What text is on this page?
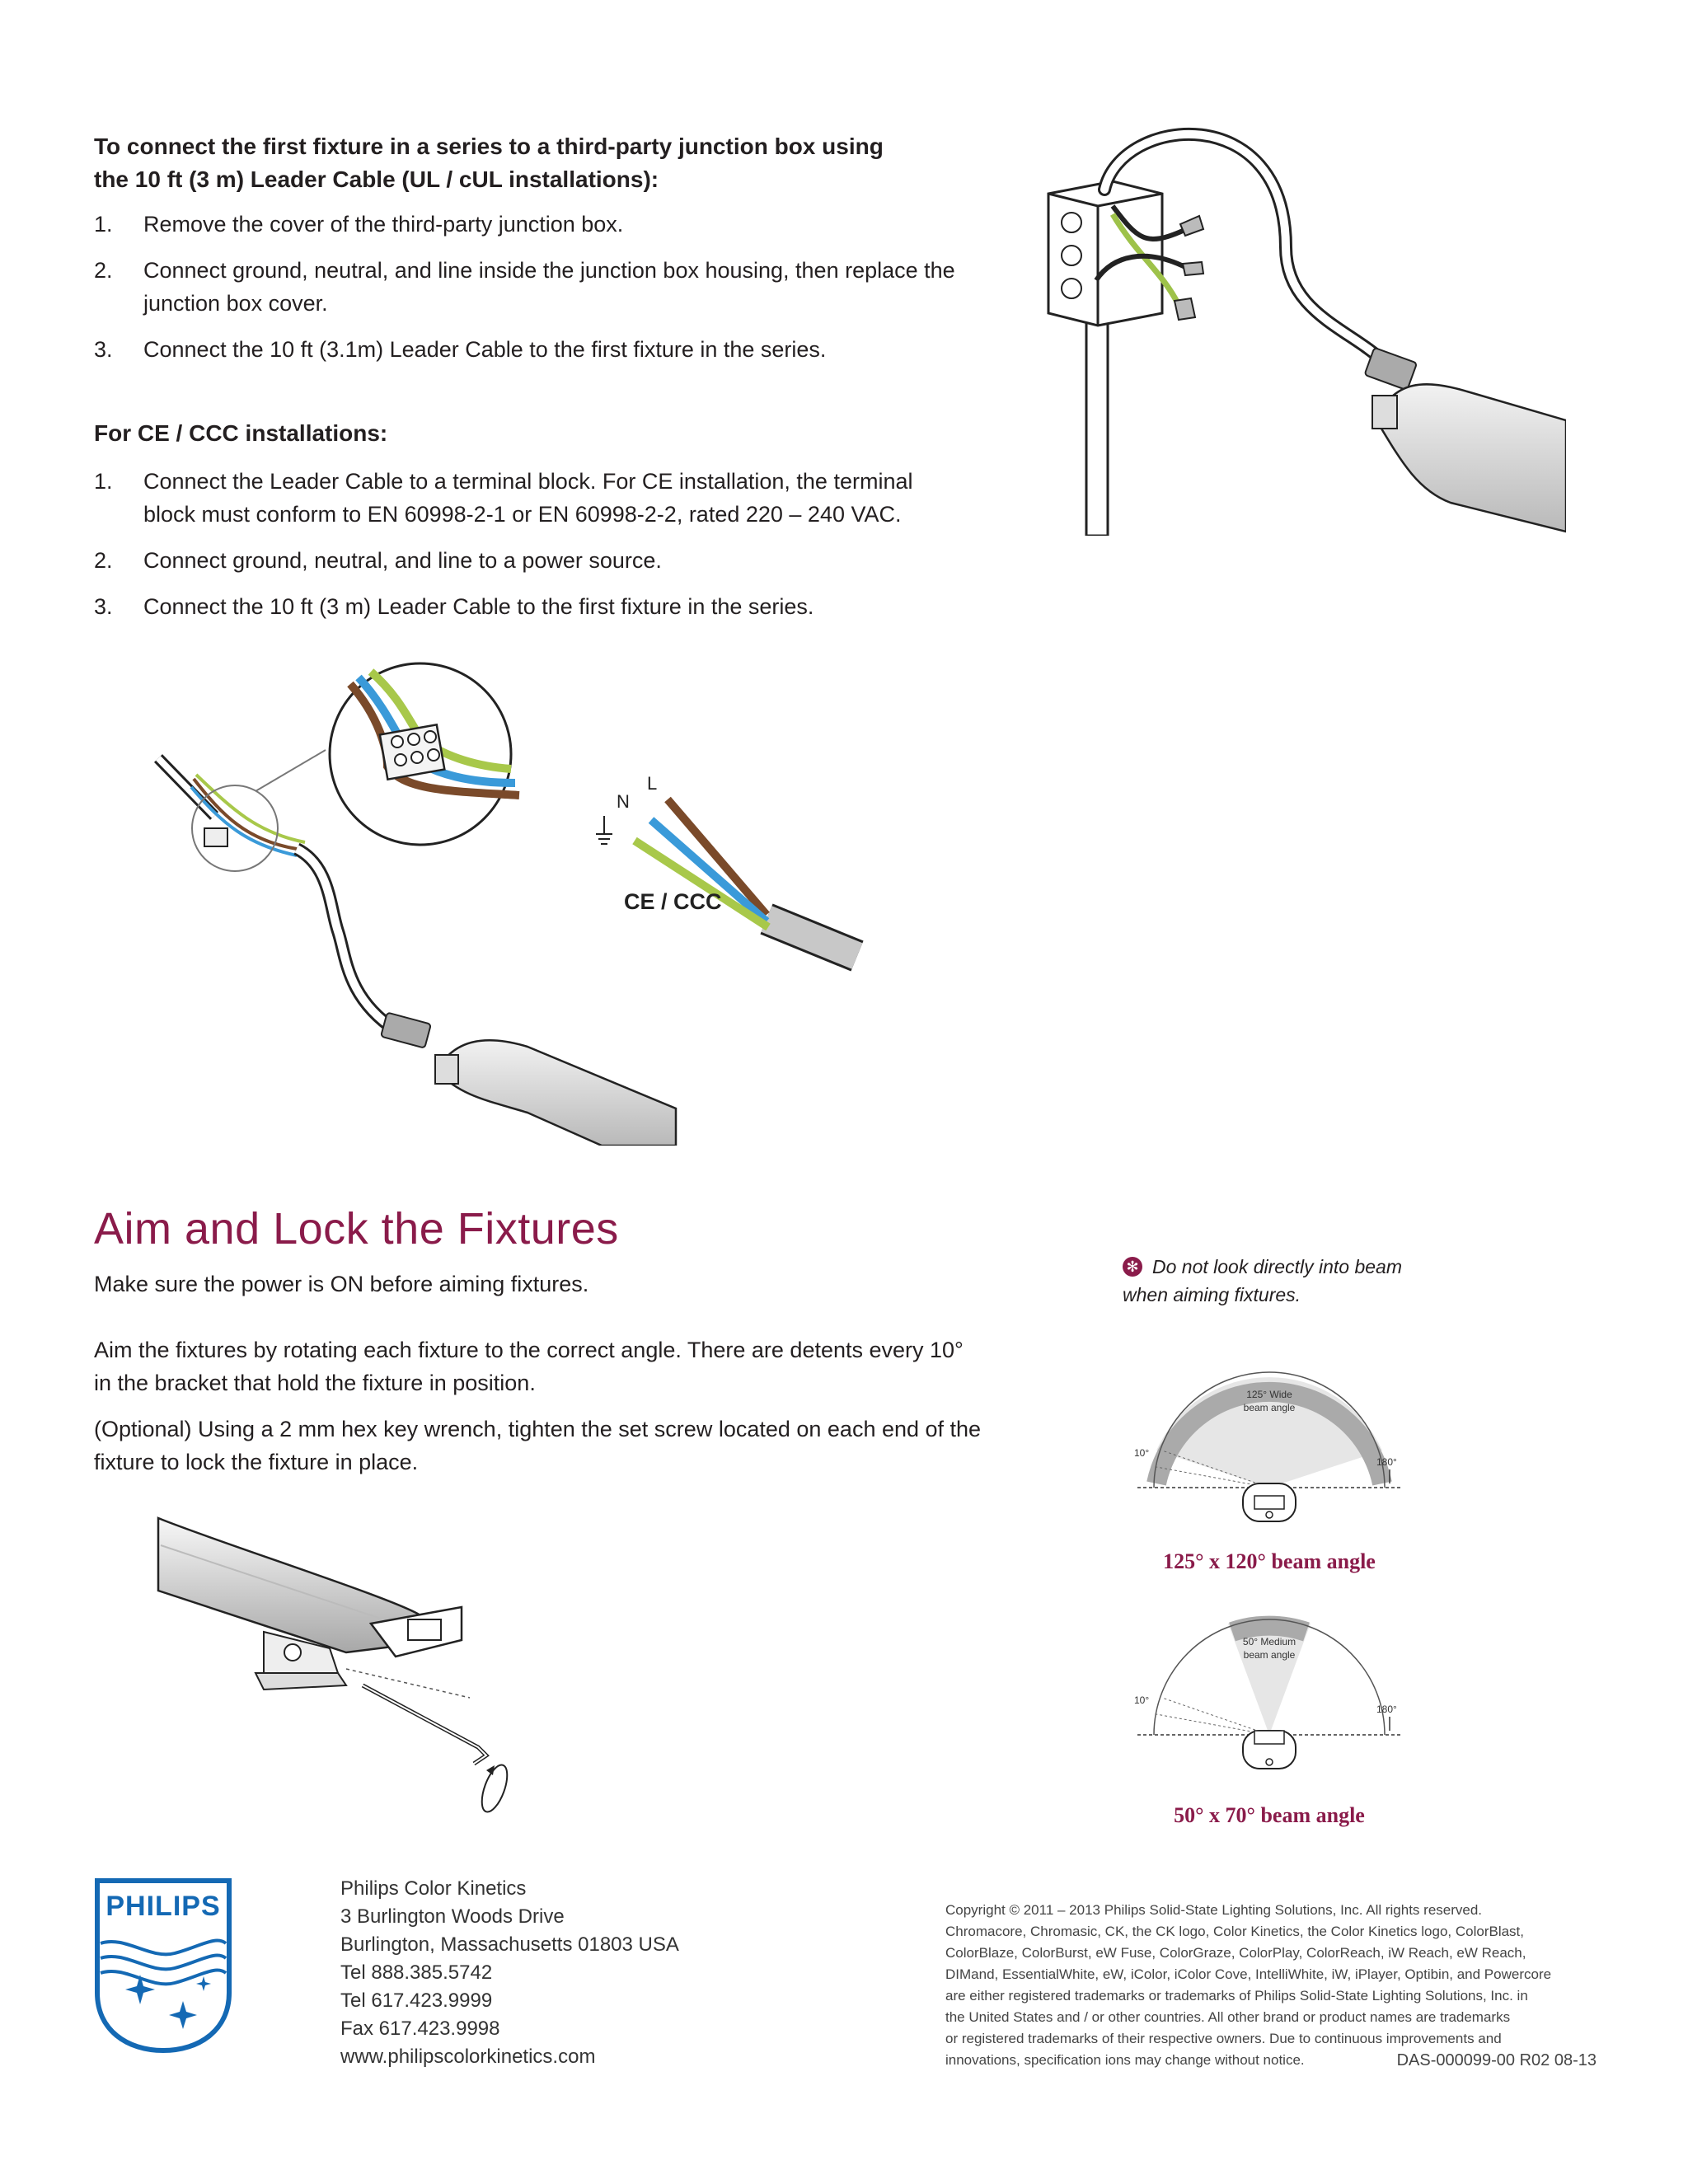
To connect the first fixture in a series to a third-party junction box using
the 10 ft (3 m) Leader Cable (UL / cUL installations):
1. Remove the cover of the third-party junction box.
2. Connect ground, neutral, and line inside the junction box housing, then replace the junction box cover.
3. Connect the 10 ft (3.1m) Leader Cable to the first fixture in the series.
For CE / CCC installations:
1. Connect the Leader Cable to a terminal block. For CE installation, the terminal block must conform to EN 60998-2-1 or EN 60998-2-2, rated 220 – 240 VAC.
2. Connect ground, neutral, and line to a power source.
3. Connect the 10 ft (3 m) Leader Cable to the first fixture in the series.
L
N
CE / CCC
Aim and Lock the Fixtures
Make sure the power is ON before aiming fixtures.
Aim the fixtures by rotating each fixture to the correct angle. There are detents every 10° in the bracket that hold the fixture in position.
(Optional) Using a 2 mm hex key wrench, tighten the set screw located on each end of the fixture to lock the fixture in place.
✻ Do not look directly into beam
when aiming fixtures.
125° Wide
beam angle
10°
180°
125° x 120° beam angle
50° Medium
beam angle
10°
180°
50° x 70° beam angle
PHILIPS
Philips Color Kinetics
3 Burlington Woods Drive
Burlington, Massachusetts 01803 USA
Tel 888.385.5742
Tel 617.423.9999
Fax 617.423.9998
www.philipscolorkinetics.com
Copyright © 2011 – 2013 Philips Solid-State Lighting Solutions, Inc. All rights reserved.
Chromacore, Chromasic, CK, the CK logo, Color Kinetics, the Color Kinetics logo, ColorBlast,
ColorBlaze, ColorBurst, eW Fuse, ColorGraze, ColorPlay, ColorReach, iW Reach, eW Reach,
DIMand, EssentialWhite, eW, iColor, iColor Cove, IntelliWhite, iW, iPlayer, Optibin, and Powercore
are either registered trademarks or trademarks of Philips Solid-State Lighting Solutions, Inc. in
the United States and / or other countries. All other brand or product names are trademarks
or registered trademarks of their respective owners. Due to continuous improvements and
innovations, specification ions may change without notice.	DAS-000099-00 R02 08-13
